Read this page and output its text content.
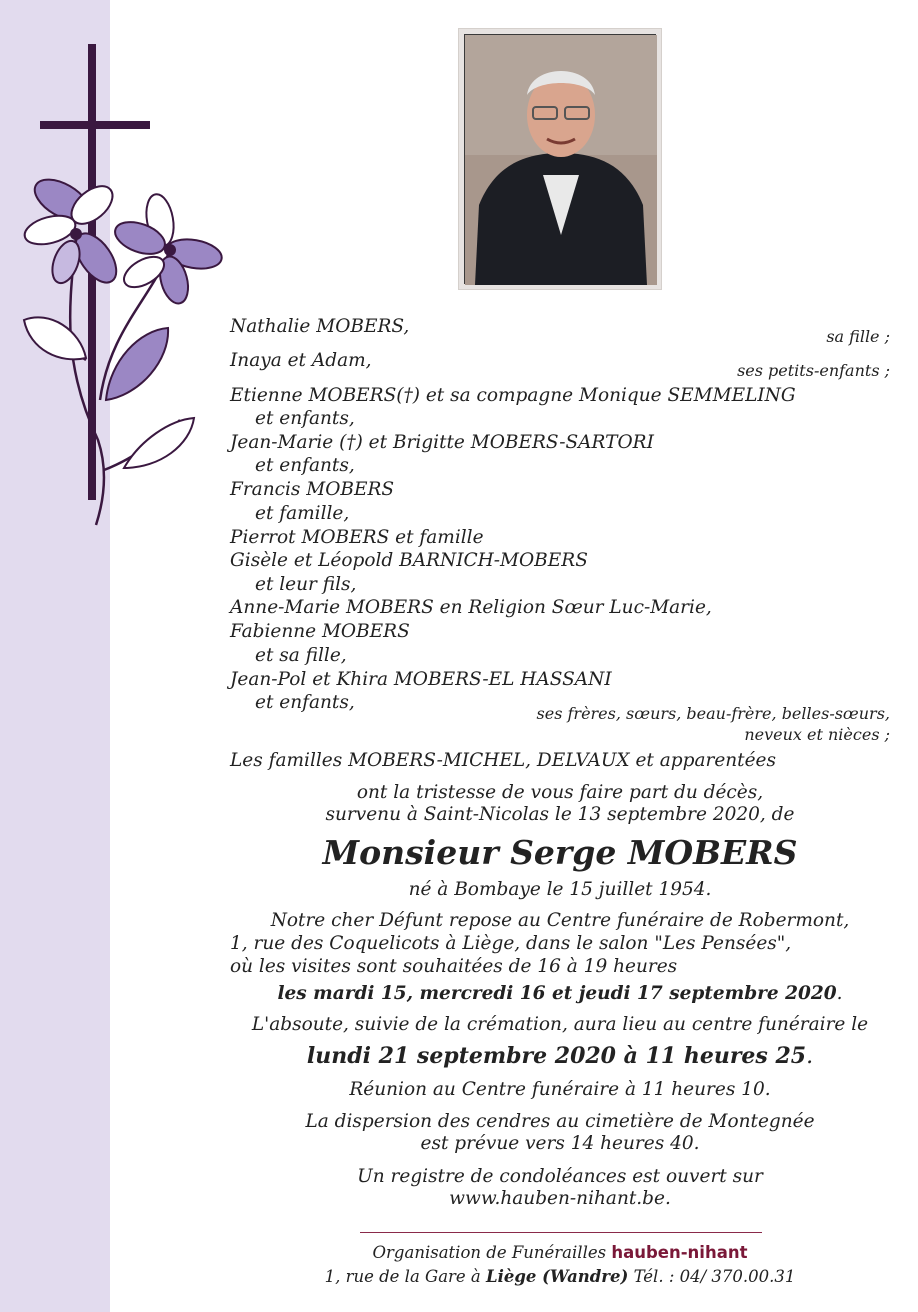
Nathalie MOBERS,
Inaya et Adam,
Etienne MOBERS(†) et sa compagne Monique SEMMELING
et enfants,
Jean-Marie (†) et Brigitte MOBERS-SARTORI
et enfants,
Francis MOBERS
et famille,
Pierrot MOBERS et famille
Gisèle et Léopold BARNICH-MOBERS
et leur fils,
Anne-Marie MOBERS en Religion Sœur Luc-Marie,
Fabienne MOBERS
et sa fille,
Jean-Pol et Khira MOBERS-EL HASSANI
et enfants,
sa fille ;
ses petits-enfants ;
ses frères, sœurs, beau-frère, belles-sœurs,
neveux et nièces ;
Les familles MOBERS-MICHEL, DELVAUX et apparentées
ont la tristesse de vous faire part du décès,
survenu à Saint-Nicolas le 13 septembre 2020, de
Monsieur Serge MOBERS
né à Bombaye le 15 juillet 1954.
Notre cher Défunt repose au Centre funéraire de Robermont,
1, rue des Coquelicots à Liège, dans le salon "Les Pensées",
où les visites sont souhaitées de 16 à 19 heures
les mardi 15, mercredi 16 et jeudi 17 septembre 2020.
L'absoute, suivie de la crémation, aura lieu au centre funéraire le
lundi 21 septembre 2020 à 11 heures 25.
Réunion au Centre funéraire à 11 heures 10.
La dispersion des cendres au cimetière de Montegnée
est prévue vers 14 heures 40.
Un registre de condoléances est ouvert sur
www.hauben-nihant.be.
Organisation de Funérailles hauben-nihant
1, rue de la Gare à Liège (Wandre) Tél. : 04/ 370.00.31
